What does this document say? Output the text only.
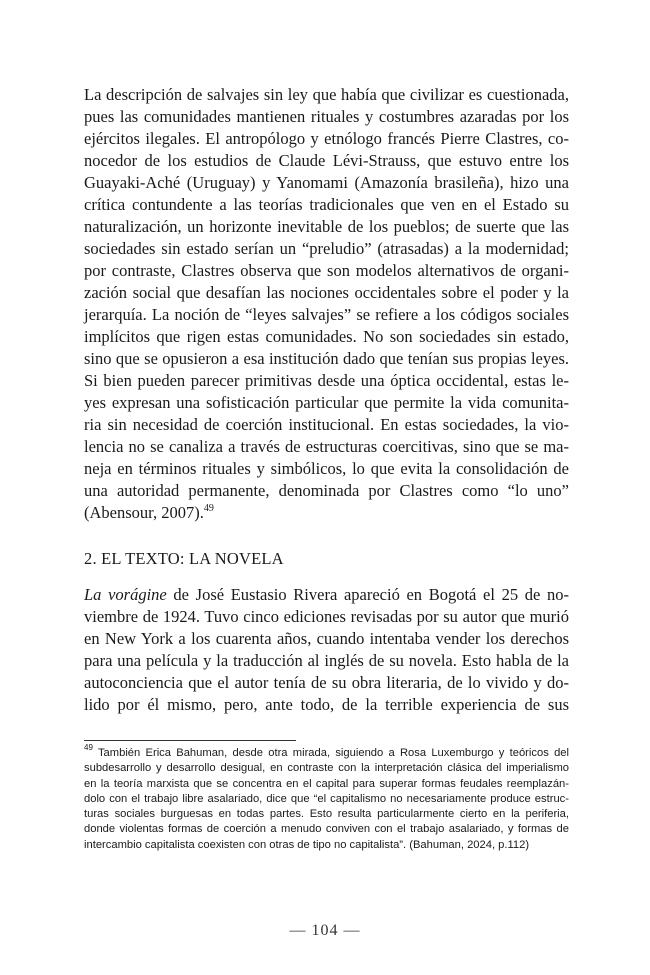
La descripción de salvajes sin ley que había que civilizar es cuestionada,
pues las comunidades mantienen rituales y costumbres azaradas por los
ejércitos ilegales. El antropólogo y etnólogo francés Pierre Clastres, co-
nocedor de los estudios de Claude Lévi-Strauss, que estuvo entre los
Guayaki-Aché (Uruguay) y Yanomami (Amazonía brasileña), hizo una
crítica contundente a las teorías tradicionales que ven en el Estado su
naturalización, un horizonte inevitable de los pueblos; de suerte que las
sociedades sin estado serían un “preludio” (atrasadas) a la modernidad;
por contraste, Clastres observa que son modelos alternativos de organi-
zación social que desafían las nociones occidentales sobre el poder y la
jerarquía. La noción de “leyes salvajes” se refiere a los códigos sociales
implícitos que rigen estas comunidades. No son sociedades sin estado,
sino que se opusieron a esa institución dado que tenían sus propias leyes.
Si bien pueden parecer primitivas desde una óptica occidental, estas le-
yes expresan una sofisticación particular que permite la vida comunita-
ria sin necesidad de coerción institucional. En estas sociedades, la vio-
lencia no se canaliza a través de estructuras coercitivas, sino que se ma-
neja en términos rituales y simbólicos, lo que evita la consolidación de
una autoridad permanente, denominada por Clastres como “lo uno”
(Abensour, 2007).$^{49}$
2. EL TEXTO: LA NOVELA
La vorágine de José Eustasio Rivera apareció en Bogotá el 25 de no-
viembre de 1924. Tuvo cinco ediciones revisadas por su autor que murió
en New York a los cuarenta años, cuando intentaba vender los derechos
para una película y la traducción al inglés de su novela. Esto habla de la
autoconciencia que el autor tenía de su obra literaria, de lo vivido y do-
lido por él mismo, pero, ante todo, de la terrible experiencia de sus
$^{49}$ También Erica Bahuman, desde otra mirada, siguiendo a Rosa Luxemburgo y teóricos del
subdesarrollo y desarrollo desigual, en contraste con la interpretación clásica del imperialismo
en la teoría marxista que se concentra en el capital para superar formas feudales reemplazán-
dolo con el trabajo libre asalariado, dice que “el capitalismo no necesariamente produce estruc-
turas sociales burguesas en todas partes. Esto resulta particularmente cierto en la periferia,
donde violentas formas de coerción a menudo conviven con el trabajo asalariado, y formas de
intercambio capitalista coexisten con otras de tipo no capitalista”. (Bahuman, 2024, p.112)
— 104 —
